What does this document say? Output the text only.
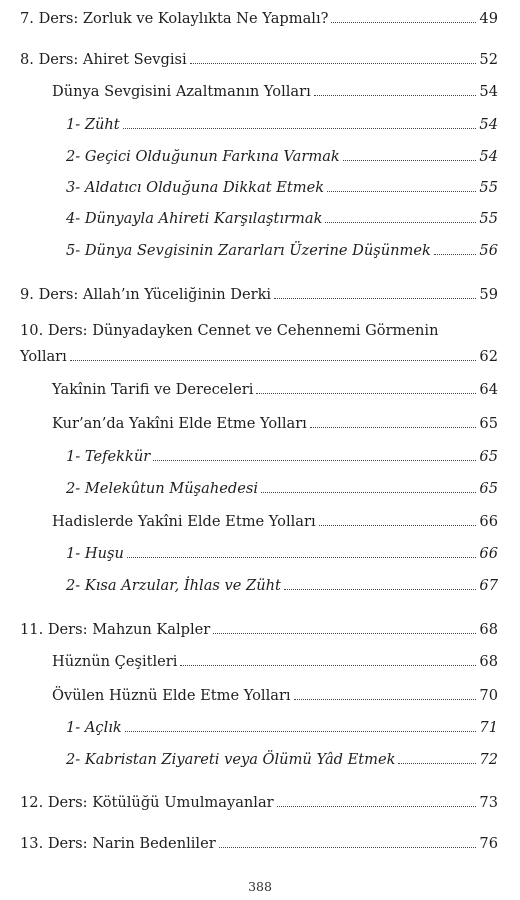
7. Ders: Zorluk ve Kolaylıkta Ne Yapmalı?	49
8. Ders: Ahiret Sevgisi	52
Dünya Sevgisini Azaltmanın Yolları	54
1- Züht	54
2- Geçici Olduğunun Farkına Varmak	54
3- Aldatıcı Olduğuna Dikkat Etmek	55
4- Dünyayla Ahireti Karşılaştırmak	55
5- Dünya Sevgisinin Zararları Üzerine Düşünmek	56
9. Ders: Allah’ın Yüceliğinin Derki	59
10. Ders: Dünyadayken Cennet ve Cehennemi Görmenin
Yolları	62
Yakînin Tarifi ve Dereceleri	64
Kur’an’da Yakîni Elde Etme Yolları	65
1- Tefekkür	65
2- Melekûtun Müşahedesi	65
Hadislerde Yakîni Elde Etme Yolları	66
1- Huşu	66
2- Kısa Arzular, İhlas ve Züht	67
11. Ders: Mahzun Kalpler	68
Hüznün Çeşitleri	68
Övülen Hüznü Elde Etme Yolları	70
1- Açlık	71
2- Kabristan Ziyareti veya Ölümü Yâd Etmek	72
12. Ders: Kötülüğü Umulmayanlar	73
13. Ders: Narin Bedenliler	76
388
